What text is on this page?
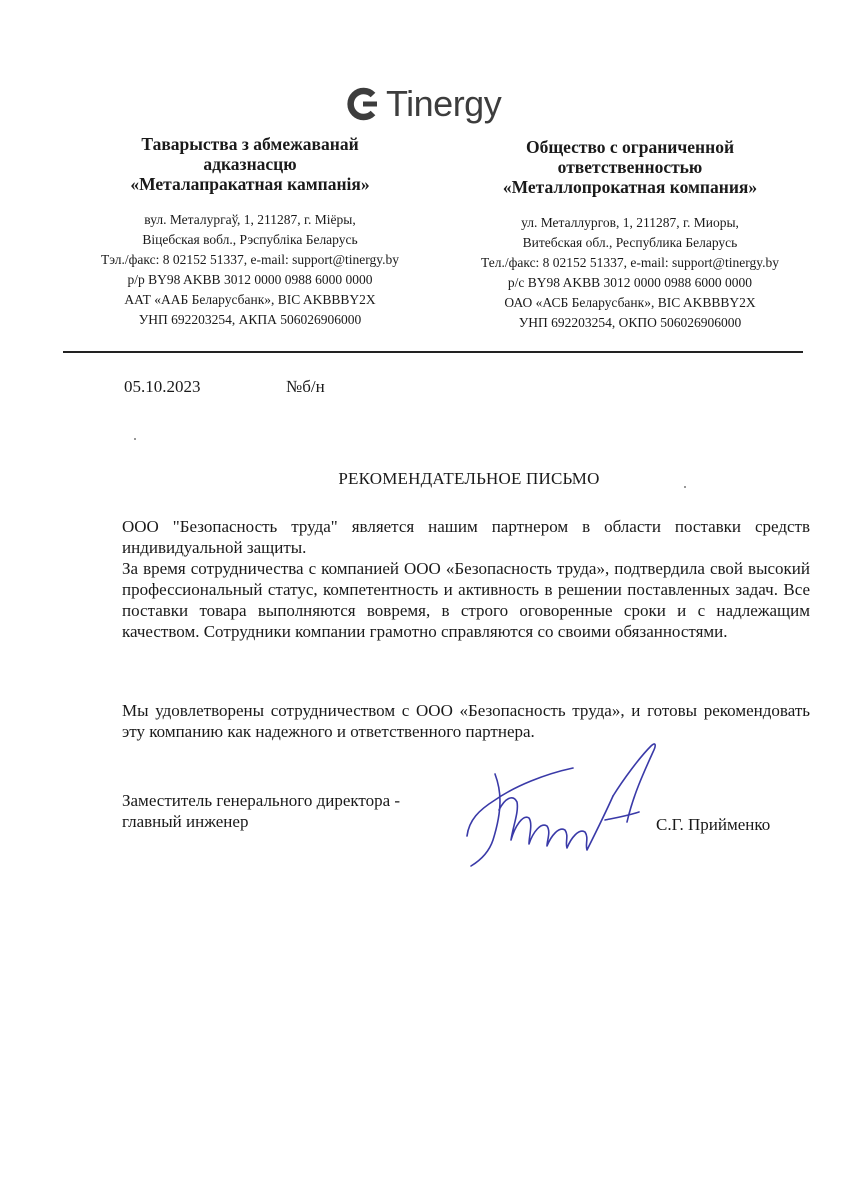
Tinergy
Таварыства з абмежаванай
адказнасцю
«Металапракатная кампанія»
вул. Металургаў, 1, 211287, г. Міёры,
Віцебская вобл., Рэспубліка Беларусь
Тэл./факс: 8 02152 51337, e-mail: support@tinergy.by
р/р BY98 AKBB 3012 0000 0988 6000 0000
ААТ «ААБ Беларусбанк», BIC AKBBBY2X
УНП 692203254, АКПА 506026906000
Общество с ограниченной
ответственностью
«Металлопрокатная компания»
ул. Металлургов, 1, 211287, г. Миоры,
Витебская обл., Республика Беларусь
Тел./факс: 8 02152 51337, e-mail: support@tinergy.by
р/с BY98 AKBB 3012 0000 0988 6000 0000
ОАО «АСБ Беларусбанк», BIC AKBBBY2X
УНП 692203254, ОКПО 506026906000
05.10.2023	№б/н
РЕКОМЕНДАТЕЛЬНОЕ ПИСЬМО
ООО "Безопасность труда" является нашим партнером в области поставки средств индивидуальной защиты.
За время сотрудничества с компанией ООО «Безопасность труда», подтвердила свой высокий профессиональный статус, компетентность и активность в решении поставленных задач. Все поставки товара выполняются вовремя, в строго оговоренные сроки и с надлежащим качеством. Сотрудники компании грамотно справляются со своими обязанностями.
Мы удовлетворены сотрудничеством с ООО «Безопасность труда», и готовы рекомендовать эту компанию как надежного и ответственного партнера.
Заместитель генерального директора -
главный инженер	С.Г. Прийменко
